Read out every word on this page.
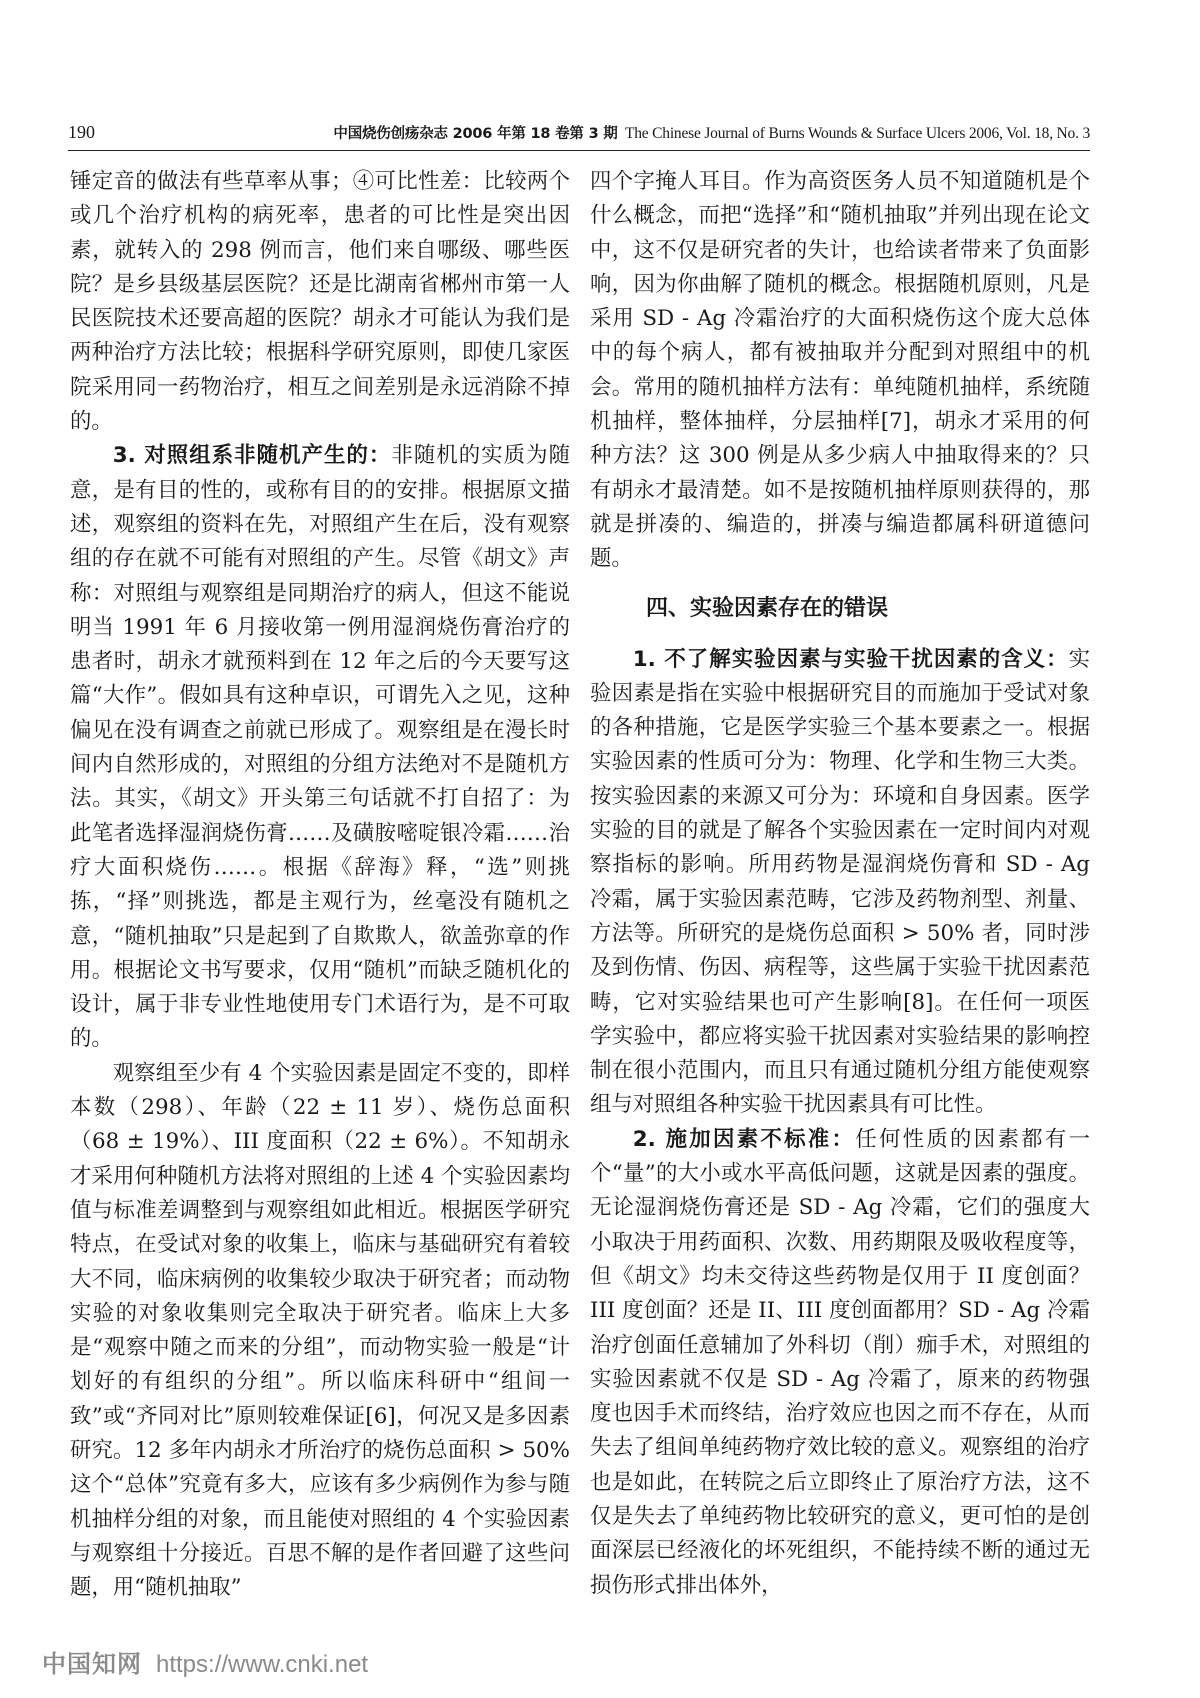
190	中国烧伤创疡杂志 2006 年第 18 卷第 3 期 The Chinese Journal of Burns Wounds & Surface Ulcers 2006, Vol. 18, No. 3

锤定音的做法有些草率从事；④可比性差：比较两个或几个治疗机构的病死率，患者的可比性是突出因素，就转入的 298 例而言，他们来自哪级、哪些医院？是乡县级基层医院？还是比湖南省郴州市第一人民医院技术还要高超的医院？胡永才可能认为我们是两种治疗方法比较；根据科学研究原则，即使几家医院采用同一药物治疗，相互之间差别是永远消除不掉的。

3. 对照组系非随机产生的：非随机的实质为随意，是有目的性的，或称有目的的安排。根据原文描述，观察组的资料在先，对照组产生在后，没有观察组的存在就不可能有对照组的产生。尽管《胡文》声称：对照组与观察组是同期治疗的病人，但这不能说明当 1991 年 6 月接收第一例用湿润烧伤膏治疗的患者时，胡永才就预料到在 12 年之后的今天要写这篇“大作”。假如具有这种卓识，可谓先入之见，这种偏见在没有调查之前就已形成了。观察组是在漫长时间内自然形成的，对照组的分组方法绝对不是随机方法。其实，《胡文》开头第三句话就不打自招了：为此笔者选择湿润烧伤膏……及磺胺嘧啶银冷霜……治疗大面积烧伤……。根据《辞海》释，“选”则挑拣，“择”则挑选，都是主观行为，丝毫没有随机之意，“随机抽取”只是起到了自欺欺人，欲盖弥章的作用。根据论文书写要求，仅用“随机”而缺乏随机化的设计，属于非专业性地使用专门术语行为，是不可取的。

观察组至少有 4 个实验因素是固定不变的，即样本数（298）、年龄（22 ± 11 岁）、烧伤总面积（68 ± 19%）、III 度面积（22 ± 6%）。不知胡永才采用何种随机方法将对照组的上述 4 个实验因素均值与标准差调整到与观察组如此相近。根据医学研究特点，在受试对象的收集上，临床与基础研究有着较大不同，临床病例的收集较少取决于研究者；而动物实验的对象收集则完全取决于研究者。临床上大多是“观察中随之而来的分组”，而动物实验一般是“计划好的有组织的分组”。所以临床科研中“组间一致”或“齐同对比”原则较难保证[6]，何况又是多因素研究。12 多年内胡永才所治疗的烧伤总面积 > 50% 这个“总体”究竟有多大，应该有多少病例作为参与随机抽样分组的对象，而且能使对照组的 4 个实验因素与观察组十分接近。百思不解的是作者回避了这些问题，用“随机抽取”

四个字掩人耳目。作为高资医务人员不知道随机是个什么概念，而把“选择”和“随机抽取”并列出现在论文中，这不仅是研究者的失计，也给读者带来了负面影响，因为你曲解了随机的概念。根据随机原则，凡是采用 SD - Ag 冷霜治疗的大面积烧伤这个庞大总体中的每个病人，都有被抽取并分配到对照组中的机会。常用的随机抽样方法有：单纯随机抽样，系统随机抽样，整体抽样，分层抽样[7]，胡永才采用的何种方法？这 300 例是从多少病人中抽取得来的？只有胡永才最清楚。如不是按随机抽样原则获得的，那就是拼凑的、编造的，拼凑与编造都属科研道德问题。

四、实验因素存在的错误

1. 不了解实验因素与实验干扰因素的含义：实验因素是指在实验中根据研究目的而施加于受试对象的各种措施，它是医学实验三个基本要素之一。根据实验因素的性质可分为：物理、化学和生物三大类。按实验因素的来源又可分为：环境和自身因素。医学实验的目的就是了解各个实验因素在一定时间内对观察指标的影响。所用药物是湿润烧伤膏和 SD - Ag 冷霜，属于实验因素范畴，它涉及药物剂型、剂量、方法等。所研究的是烧伤总面积 > 50% 者，同时涉及到伤情、伤因、病程等，这些属于实验干扰因素范畴，它对实验结果也可产生影响[8]。在任何一项医学实验中，都应将实验干扰因素对实验结果的影响控制在很小范围内，而且只有通过随机分组方能使观察组与对照组各种实验干扰因素具有可比性。

2. 施加因素不标准：任何性质的因素都有一个“量”的大小或水平高低问题，这就是因素的强度。无论湿润烧伤膏还是 SD - Ag 冷霜，它们的强度大小取决于用药面积、次数、用药期限及吸收程度等，但《胡文》均未交待这些药物是仅用于 II 度创面？III 度创面？还是 II、III 度创面都用？SD - Ag 冷霜治疗创面任意辅加了外科切（削）痂手术，对照组的实验因素就不仅是 SD - Ag 冷霜了，原来的药物强度也因手术而终结，治疗效应也因之而不存在，从而失去了组间单纯药物疗效比较的意义。观察组的治疗也是如此，在转院之后立即终止了原治疗方法，这不仅是失去了单纯药物比较研究的意义，更可怕的是创面深层已经液化的坏死组织，不能持续不断的通过无损伤形式排出体外，

中国知网 https://www.cnki.net
